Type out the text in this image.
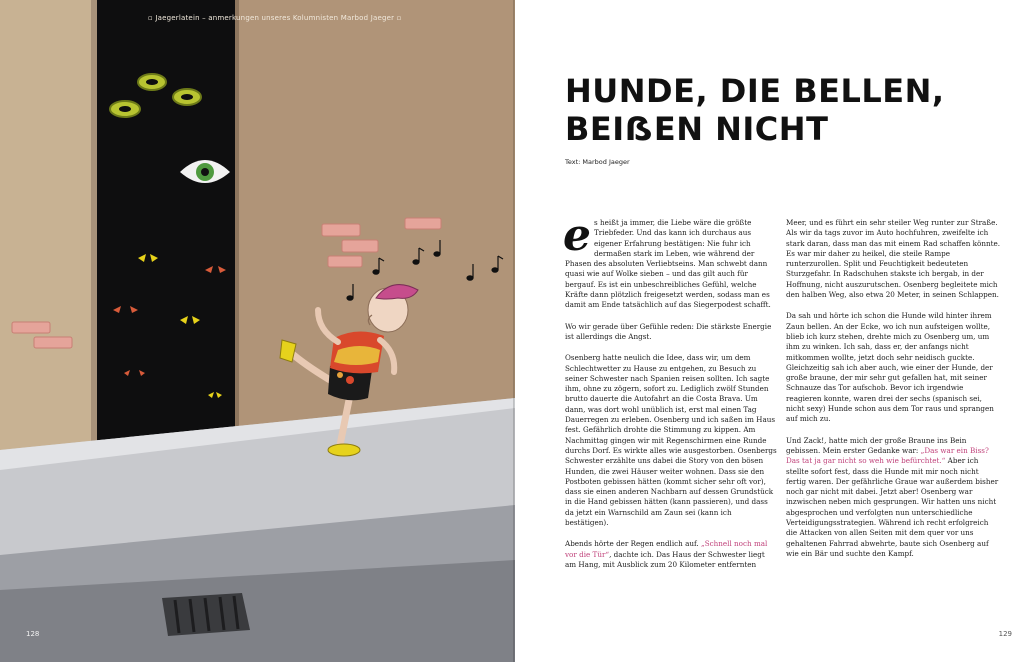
▫ Jaegerlatein – anmerkungen unseres Kolumnisten Marbod Jaeger ▫
128
HUNDE, DIE BELLEN,
BEIẞEN NICHT
Text: Marbod Jaeger

es heißt ja immer, die Liebe wäre die größte Triebfeder. Und das kann ich durchaus aus eigener Erfahrung bestätigen: Nie fuhr ich dermaßen stark im Leben, wie während der Phasen des absoluten Verliebtseins. Man schwebt dann quasi wie auf Wolke sieben – und das gilt auch für bergauf. Es ist ein unbeschreibliches Gefühl, welche Kräfte dann plötzlich freigesetzt werden, sodass man es damit am Ende tatsächlich auf das Siegerpodest schafft.

Wo wir gerade über Gefühle reden: Die stärkste Energie ist allerdings die Angst.

Osenberg hatte neulich die Idee, dass wir, um dem Schlechtwetter zu Hause zu entgehen, zu Besuch zu seiner Schwester nach Spanien reisen sollten. Ich sagte ihm, ohne zu zögern, sofort zu. Lediglich zwölf Stunden brutto dauerte die Autofahrt an die Costa Brava. Um dann, was dort wohl unüblich ist, erst mal einen Tag Dauerregen zu erleben. Osenberg und ich saßen im Haus fest. Gefährlich drohte die Stimmung zu kippen. Am Nachmittag gingen wir mit Regenschirmen eine Runde durchs Dorf. Es wirkte alles wie ausgestorben. Osenbergs Schwester erzählte uns dabei die Story von den bösen Hunden, die zwei Häuser weiter wohnen. Dass sie den Postboten gebissen hätten (kommt sicher sehr oft vor), dass sie einen anderen Nachbarn auf dessen Grundstück in die Hand gebissen hätten (kann passieren), und dass da jetzt ein Warnschild am Zaun sei (kann ich bestätigen).

Abends hörte der Regen endlich auf. „Schnell noch mal vor die Tür“, dachte ich. Das Haus der Schwester liegt am Hang, mit Ausblick zum 20 Kilometer entfernten

Meer, und es führt ein sehr steiler Weg runter zur Straße. Als wir da tags zuvor im Auto hochfuhren, zweifelte ich stark daran, dass man das mit einem Rad schaffen könnte. Es war mir daher zu heikel, die steile Rampe runterzurollen. Split und Feuchtigkeit bedeuteten Sturzgefahr. In Radschuhen stakste ich bergab, in der Hoffnung, nicht auszurutschen. Osenberg begleitete mich den halben Weg, also etwa 20 Meter, in seinen Schlappen.

Da sah und hörte ich schon die Hunde wild hinter ihrem Zaun bellen. An der Ecke, wo ich nun aufsteigen wollte, blieb ich kurz stehen, drehte mich zu Osenberg um, um ihm zu winken. Ich sah, dass er, der anfangs nicht mitkommen wollte, jetzt doch sehr neidisch guckte. Gleichzeitig sah ich aber auch, wie einer der Hunde, der große braune, der mir sehr gut gefallen hat, mit seiner Schnauze das Tor aufschob. Bevor ich irgendwie reagieren konnte, waren drei der sechs (spanisch sei, nicht sexy) Hunde schon aus dem Tor raus und sprangen auf mich zu.

Und Zack!, hatte mich der große Braune ins Bein gebissen. Mein erster Gedanke war: „Das war ein Biss? Das tat ja gar nicht so weh wie befürchtet.“ Aber ich stellte sofort fest, dass die Hunde mit mir noch nicht fertig waren. Der gefährliche Graue war außerdem bisher noch gar nicht mit dabei. Jetzt aber! Osenberg war inzwischen neben mich gesprungen. Wir hatten uns nicht abgesprochen und verfolgten nun unterschiedliche Verteidigungsstrategien. Während ich recht erfolgreich die Attacken von allen Seiten mit dem quer vor uns gehaltenen Fahrrad abwehrte, baute sich Osenberg auf wie ein Bär und suchte den Kampf.

129
